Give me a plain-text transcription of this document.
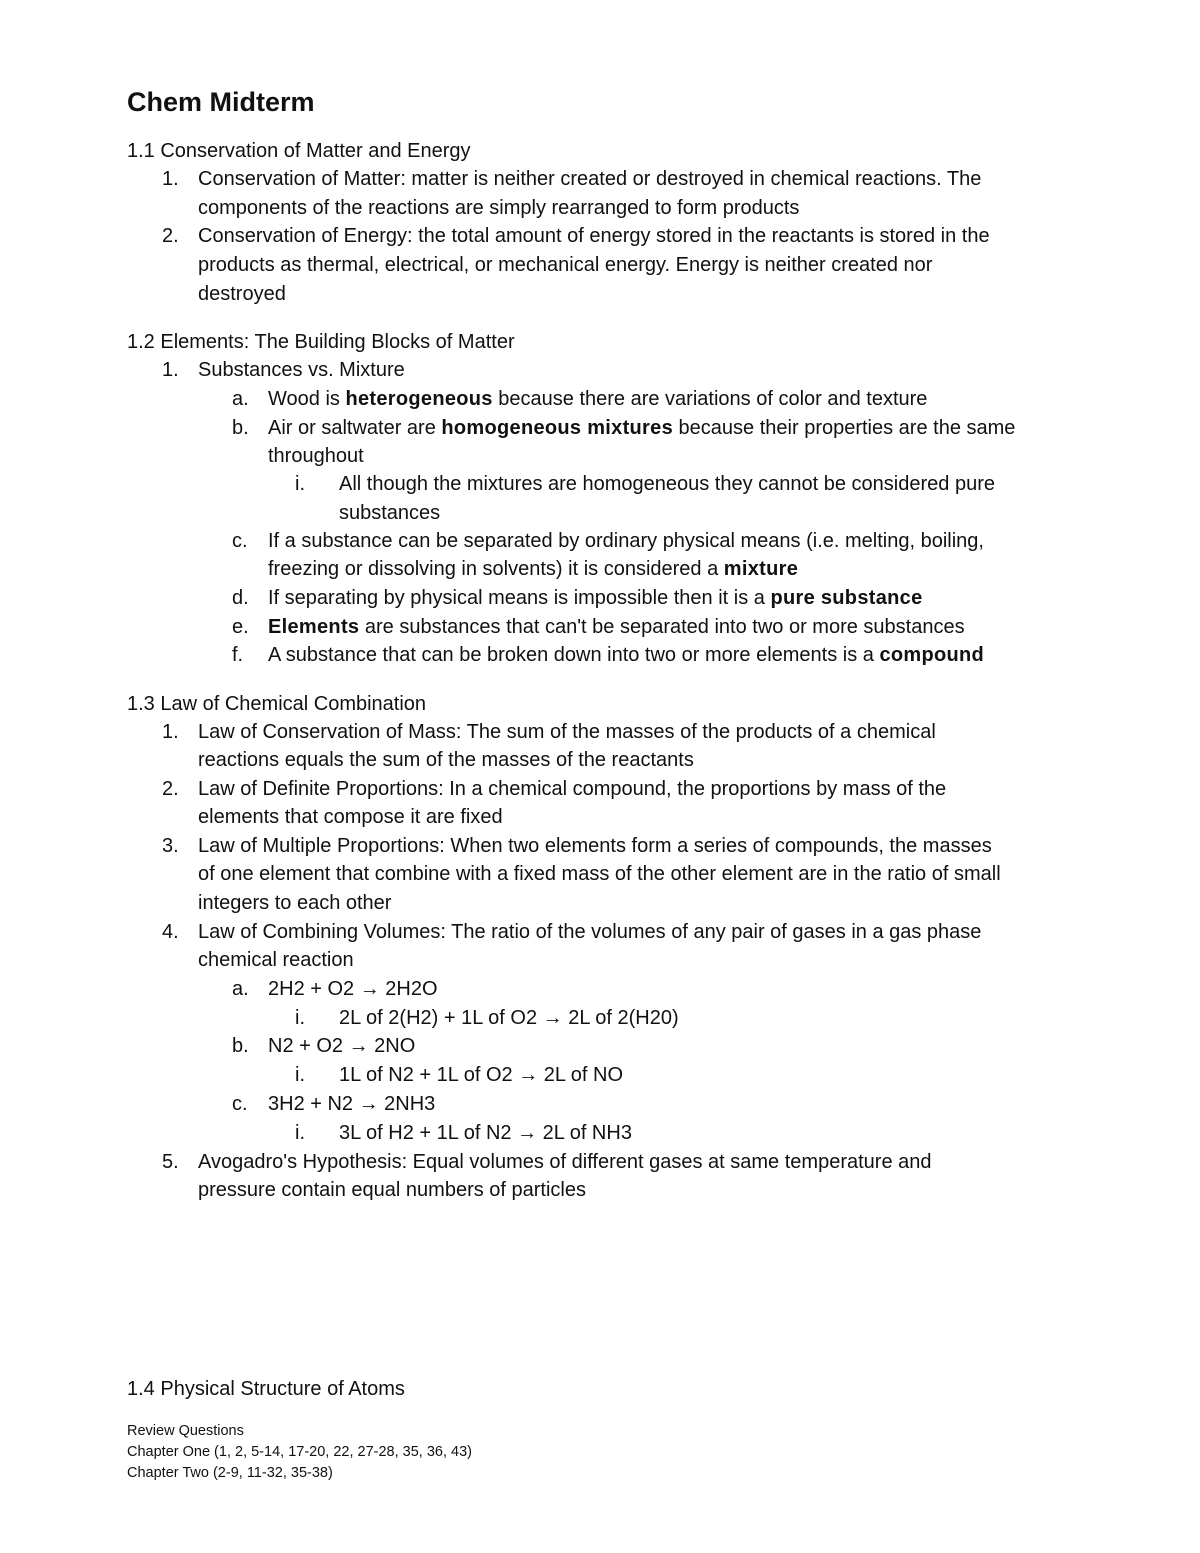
Chem Midterm
1.1 Conservation of Matter and Energy
1. Conservation of Matter: matter is neither created or destroyed in chemical reactions. The
components of the reactions are simply rearranged to form products
2. Conservation of Energy: the total amount of energy stored in the reactants is stored in the
products as thermal, electrical, or mechanical energy. Energy is neither created nor
destroyed
1.2 Elements: The Building Blocks of Matter
1. Substances vs. Mixture
a. Wood is heterogeneous because there are variations of color and texture
b. Air or saltwater are homogeneous mixtures because their properties are the same
throughout
i. All though the mixtures are homogeneous they cannot be considered pure
substances
c. If a substance can be separated by ordinary physical means (i.e. melting, boiling,
freezing or dissolving in solvents) it is considered a mixture
d. If separating by physical means is impossible then it is a pure substance
e. Elements are substances that can't be separated into two or more substances
f. A substance that can be broken down into two or more elements is a compound
1.3 Law of Chemical Combination
1. Law of Conservation of Mass: The sum of the masses of the products of a chemical
reactions equals the sum of the masses of the reactants
2. Law of Definite Proportions: In a chemical compound, the proportions by mass of the
elements that compose it are fixed
3. Law of Multiple Proportions: When two elements form a series of compounds, the masses
of one element that combine with a fixed mass of the other element are in the ratio of small
integers to each other
4. Law of Combining Volumes: The ratio of the volumes of any pair of gases in a gas phase
chemical reaction
a. 2H2 + O2 → 2H2O
i. 2L of 2(H2) + 1L of O2 → 2L of 2(H20)
b. N2 + O2 → 2NO
i. 1L of N2 + 1L of O2 → 2L of NO
c. 3H2 + N2 → 2NH3
i. 3L of H2 + 1L of N2 → 2L of NH3
5. Avogadro's Hypothesis: Equal volumes of different gases at same temperature and
pressure contain equal numbers of particles
1.4 Physical Structure of Atoms
Review Questions
Chapter One (1, 2, 5-14, 17-20, 22, 27-28, 35, 36, 43)
Chapter Two (2-9, 11-32, 35-38)
